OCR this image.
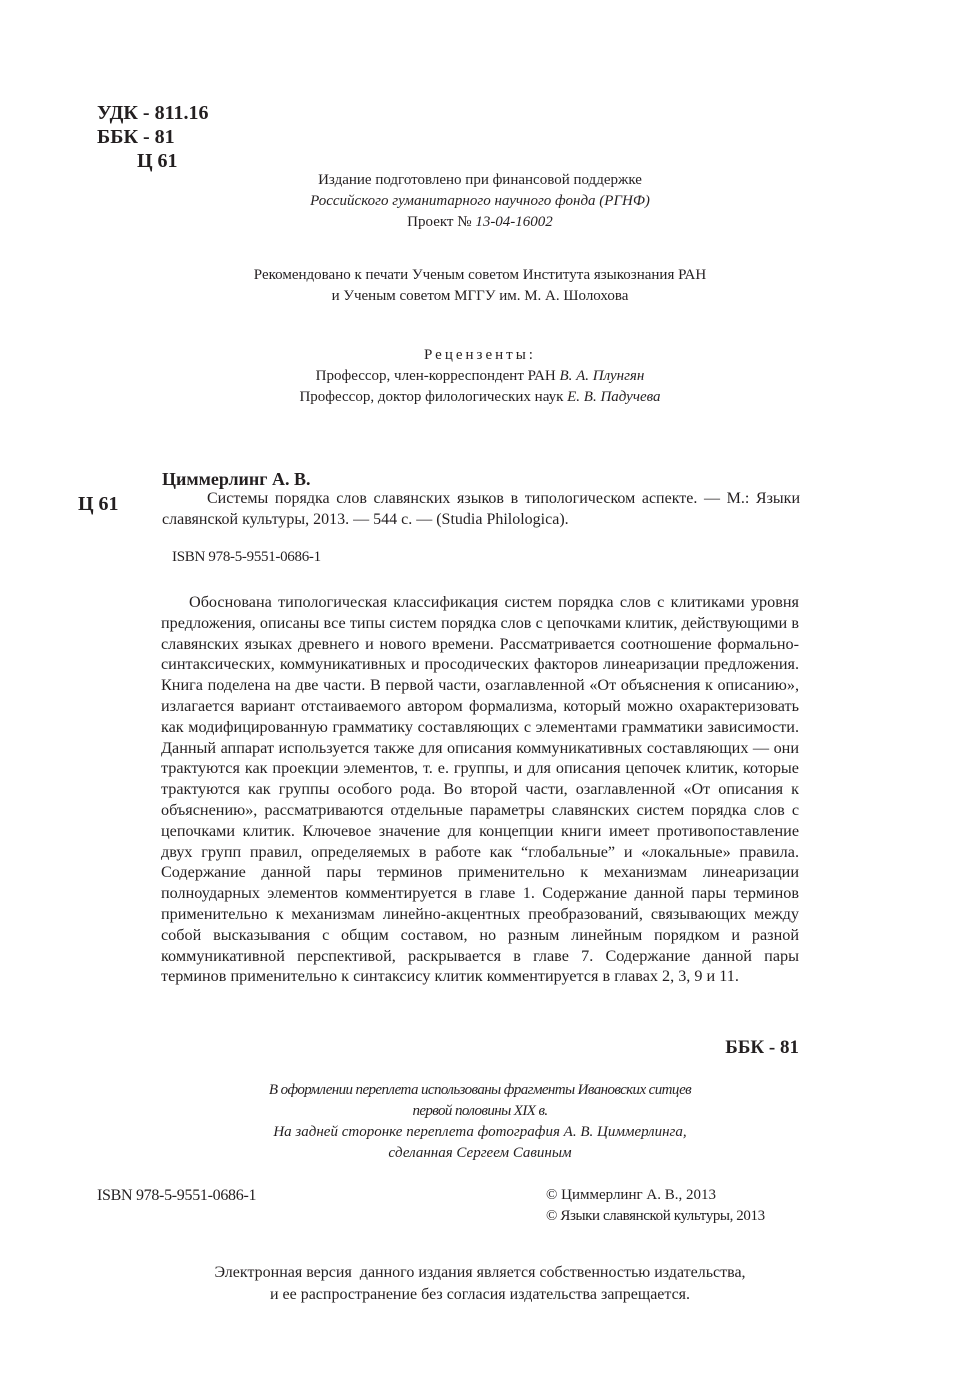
УДК - 811.16
ББК - 81
Ц 61
Издание подготовлено при финансовой поддержке
Российского гуманитарного научного фонда (РГНФ)
Проект № 13-04-16002
Рекомендовано к печати Ученым советом Института языкознания РАН
и Ученым советом МГГУ им. М. А. Шолохова
Рецензенты:
Профессор, член-корреспондент РАН В. А. Плунгян
Профессор, доктор филологических наук Е. В. Падучева
Ц 61
Циммерлинг А. В.

Системы порядка слов славянских языков в типологическом аспекте. — М.: Языки славянской культуры, 2013. — 544 с. — (Studia Philologica).

ISBN 978-5-9551-0686-1

Обоснована типологическая классификация систем порядка слов с клитиками уровня предложения, описаны все типы систем порядка слов с цепочками клитик, действующими в славянских языках древнего и нового времени. Рассматривается соотношение формально-синтаксических, коммуникативных и просодических факторов линеаризации предложения. Книга поделена на две части. В первой части, озаглавленной «От объяснения к описанию», излагается вариант отстаиваемого автором формализма, который можно охарактеризовать как модифицированную грамматику составляющих с элементами грамматики зависимости. Данный аппарат используется также для описания коммуникативных составляющих — они трактуются как проекции элементов, т. е. группы, и для описания цепочек клитик, которые трактуются как группы особого рода. Во второй части, озаглавленной «От описания к объяснению», рассматриваются отдельные параметры славянских систем порядка слов с цепочками клитик. Ключевое значение для концепции книги имеет противопоставление двух групп правил, определяемых в работе как “глобальные” и «локальные» правила. Содержание данной пары терминов применительно к механизмам линеаризации полноударных элементов комментируется в главе 1. Содержание данной пары терминов применительно к механизмам линейно-акцентных преобразований, связывающих между собой высказывания с общим составом, но разным линейным порядком и разной коммуникативной перспективой, раскрывается в главе 7. Содержание данной пары терминов применительно к синтаксису клитик комментируется в главах 2, 3, 9 и 11.

ББК - 81
В оформлении переплета использованы фрагменты Ивановских ситцев
первой половины XIX в.
На задней сторонке переплета фотография А. В. Циммерлинга,
сделанная Сергеем Савиным
ISBN 978-5-9551-0686-1	© Циммерлинг А. В., 2013
© Языки славянской культуры, 2013
Электронная версия  данного издания является собственностью издательства,
и ее распространение без согласия издательства запрещается.
